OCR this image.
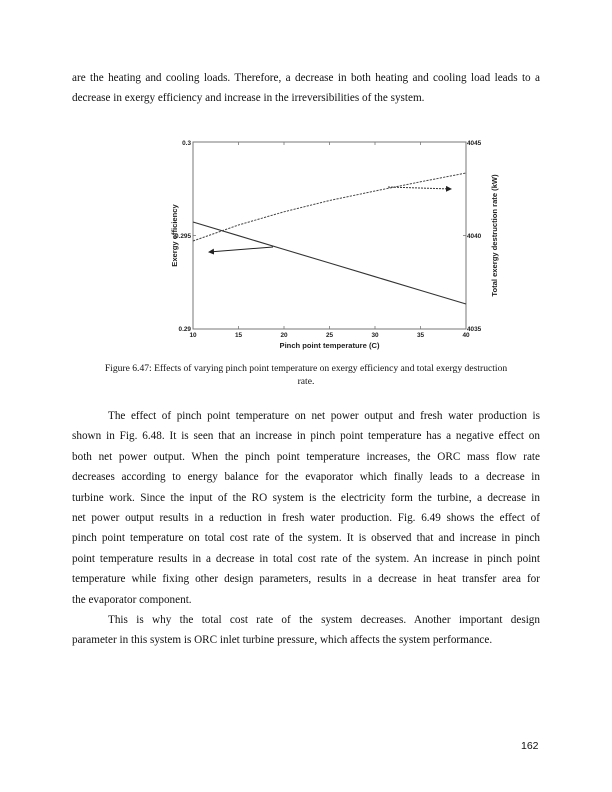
are the heating and cooling loads. Therefore, a decrease in both heating and cooling load leads to a
decrease in exergy efficiency and increase in the irreversibilities of the system.
10	15	20	25	30	35	40
0.29
0.295
0.3
4035
4040
4045
Pinch point temperature (C)
Exergy efficiency	Total exergy destruction rate (kW)
Figure 6.47: Effects of varying pinch point temperature on exergy efficiency and total exergy destruction
rate.
The effect of pinch point temperature on net power output and fresh water production is
shown in Fig. 6.48. It is seen that an increase in pinch point temperature has a negative effect on
both net power output. When the pinch point temperature increases, the ORC mass flow rate
decreases according to energy balance for the evaporator which finally leads to a decrease in
turbine work. Since the input of the RO system is the electricity form the turbine, a decrease in
net power output results in a reduction in fresh water production. Fig. 6.49 shows the effect of
pinch point temperature on total cost rate of the system. It is observed that and increase in pinch
point temperature results in a decrease in total cost rate of the system. An increase in pinch point
temperature while fixing other design parameters, results in a decrease in heat transfer area for
the evaporator component.
This is why the total cost rate of the system decreases. Another important design
parameter in this system is ORC inlet turbine pressure, which affects the system performance.
162
